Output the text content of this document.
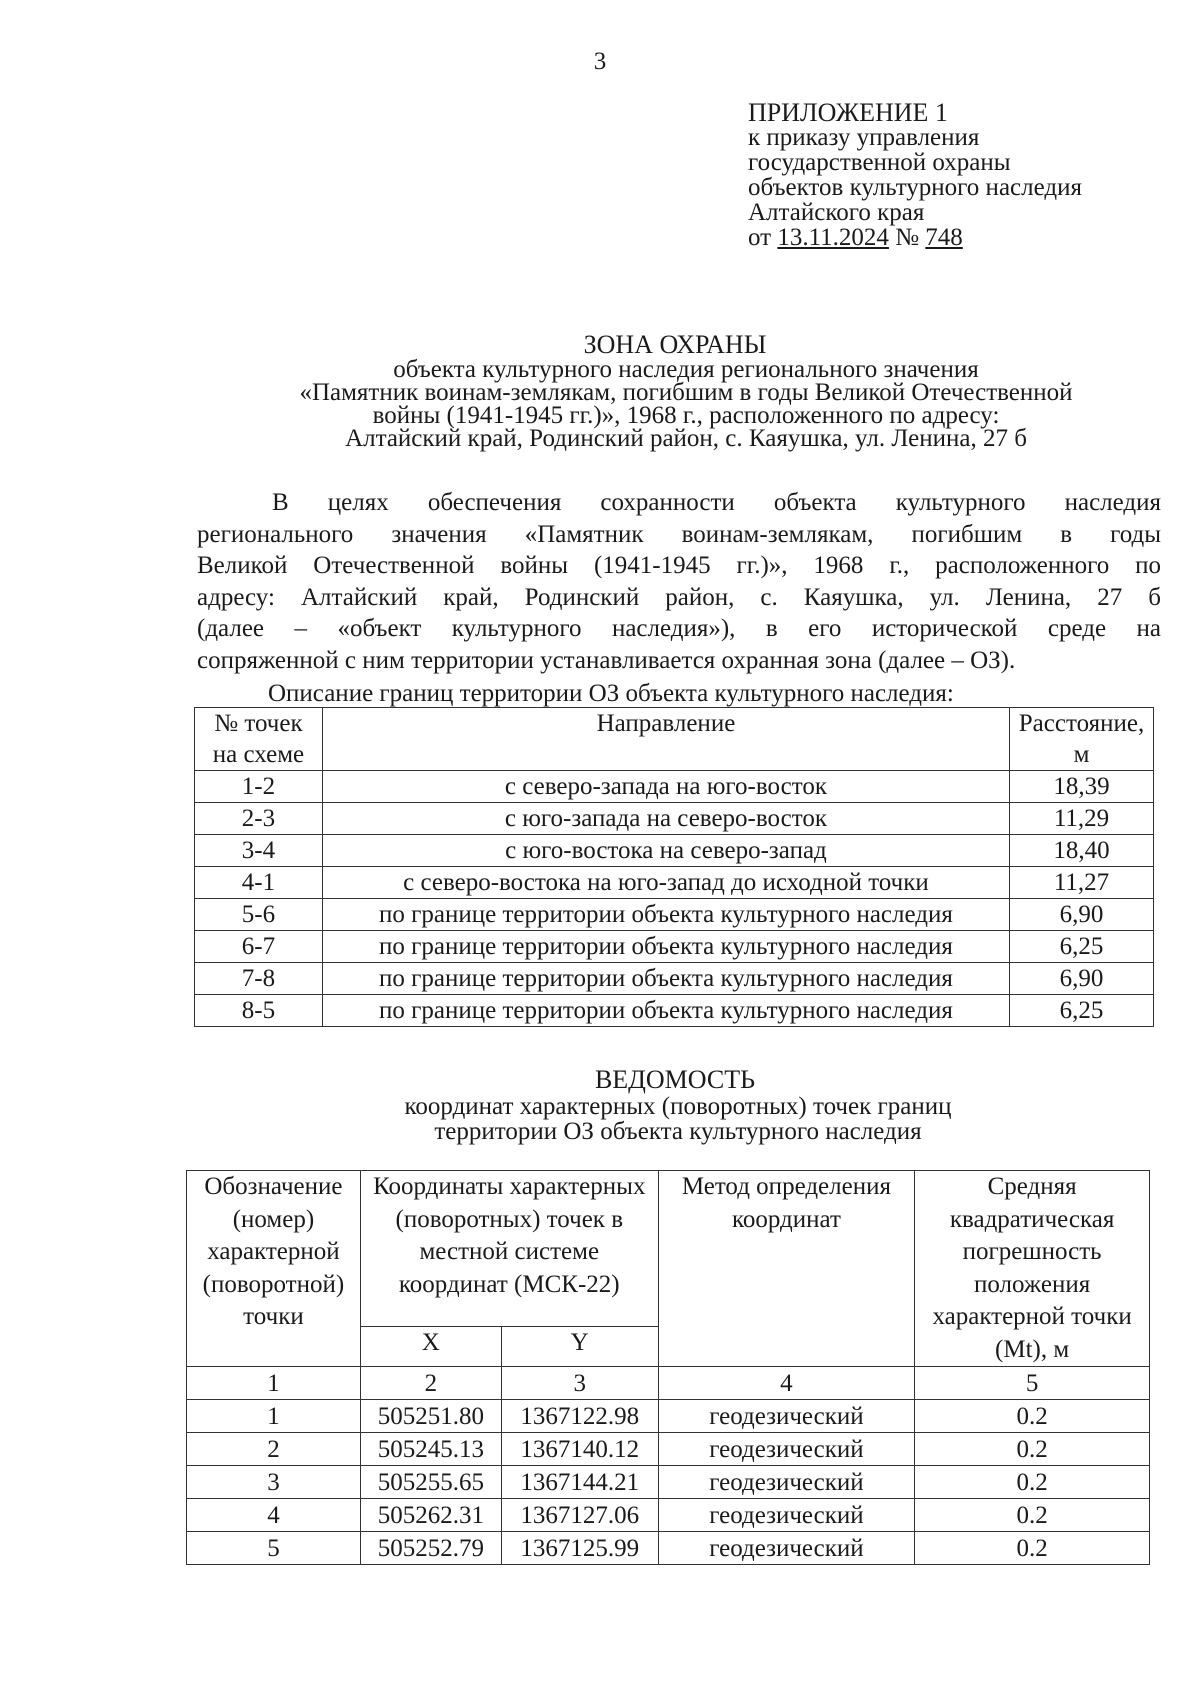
3
ПРИЛОЖЕНИЕ 1
к приказу управления
государственной охраны
объектов культурного наследия
Алтайского края
от 13.11.2024 № 748
ЗОНА ОХРАНЫ
объекта культурного наследия регионального значения
«Памятник воинам-землякам, погибшим в годы Великой Отечественной
войны (1941-1945 гг.)», 1968 г., расположенного по адресу:
Алтайский край, Родинский район, с. Каяушка, ул. Ленина, 27 б
В целях обеспечения сохранности объекта культурного наследия
регионального значения «Памятник воинам-землякам, погибшим в годы
Великой Отечественной войны (1941-1945 гг.)», 1968 г., расположенного по
адресу: Алтайский край, Родинский район, с. Каяушка, ул. Ленина, 27 б
(далее – «объект культурного наследия»), в его исторической среде на
сопряженной с ним территории устанавливается охранная зона (далее – ОЗ).
Описание границ территории ОЗ объекта культурного наследия:
№ точек на схеме	Направление	Расстояние, м
1-2	с северо-запада на юго-восток	18,39
2-3	с юго-запада на северо-восток	11,29
3-4	с юго-востока на северо-запад	18,40
4-1	с северо-востока на юго-запад до исходной точки	11,27
5-6	по границе территории объекта культурного наследия	6,90
6-7	по границе территории объекта культурного наследия	6,25
7-8	по границе территории объекта культурного наследия	6,90
8-5	по границе территории объекта культурного наследия	6,25
ВЕДОМОСТЬ
координат характерных (поворотных) точек границ
территории ОЗ объекта культурного наследия
Обозначение (номер) характерной (поворотной) точки	Координаты характерных (поворотных) точек в местной системе координат (МСК-22)		Метод определения координат	Средняя квадратическая погрешность положения характерной точки (Mt), м
	X	Y		
1	2	3	4	5
1	505251.80	1367122.98	геодезический	0.2
2	505245.13	1367140.12	геодезический	0.2
3	505255.65	1367144.21	геодезический	0.2
4	505262.31	1367127.06	геодезический	0.2
5	505252.79	1367125.99	геодезический	0.2
